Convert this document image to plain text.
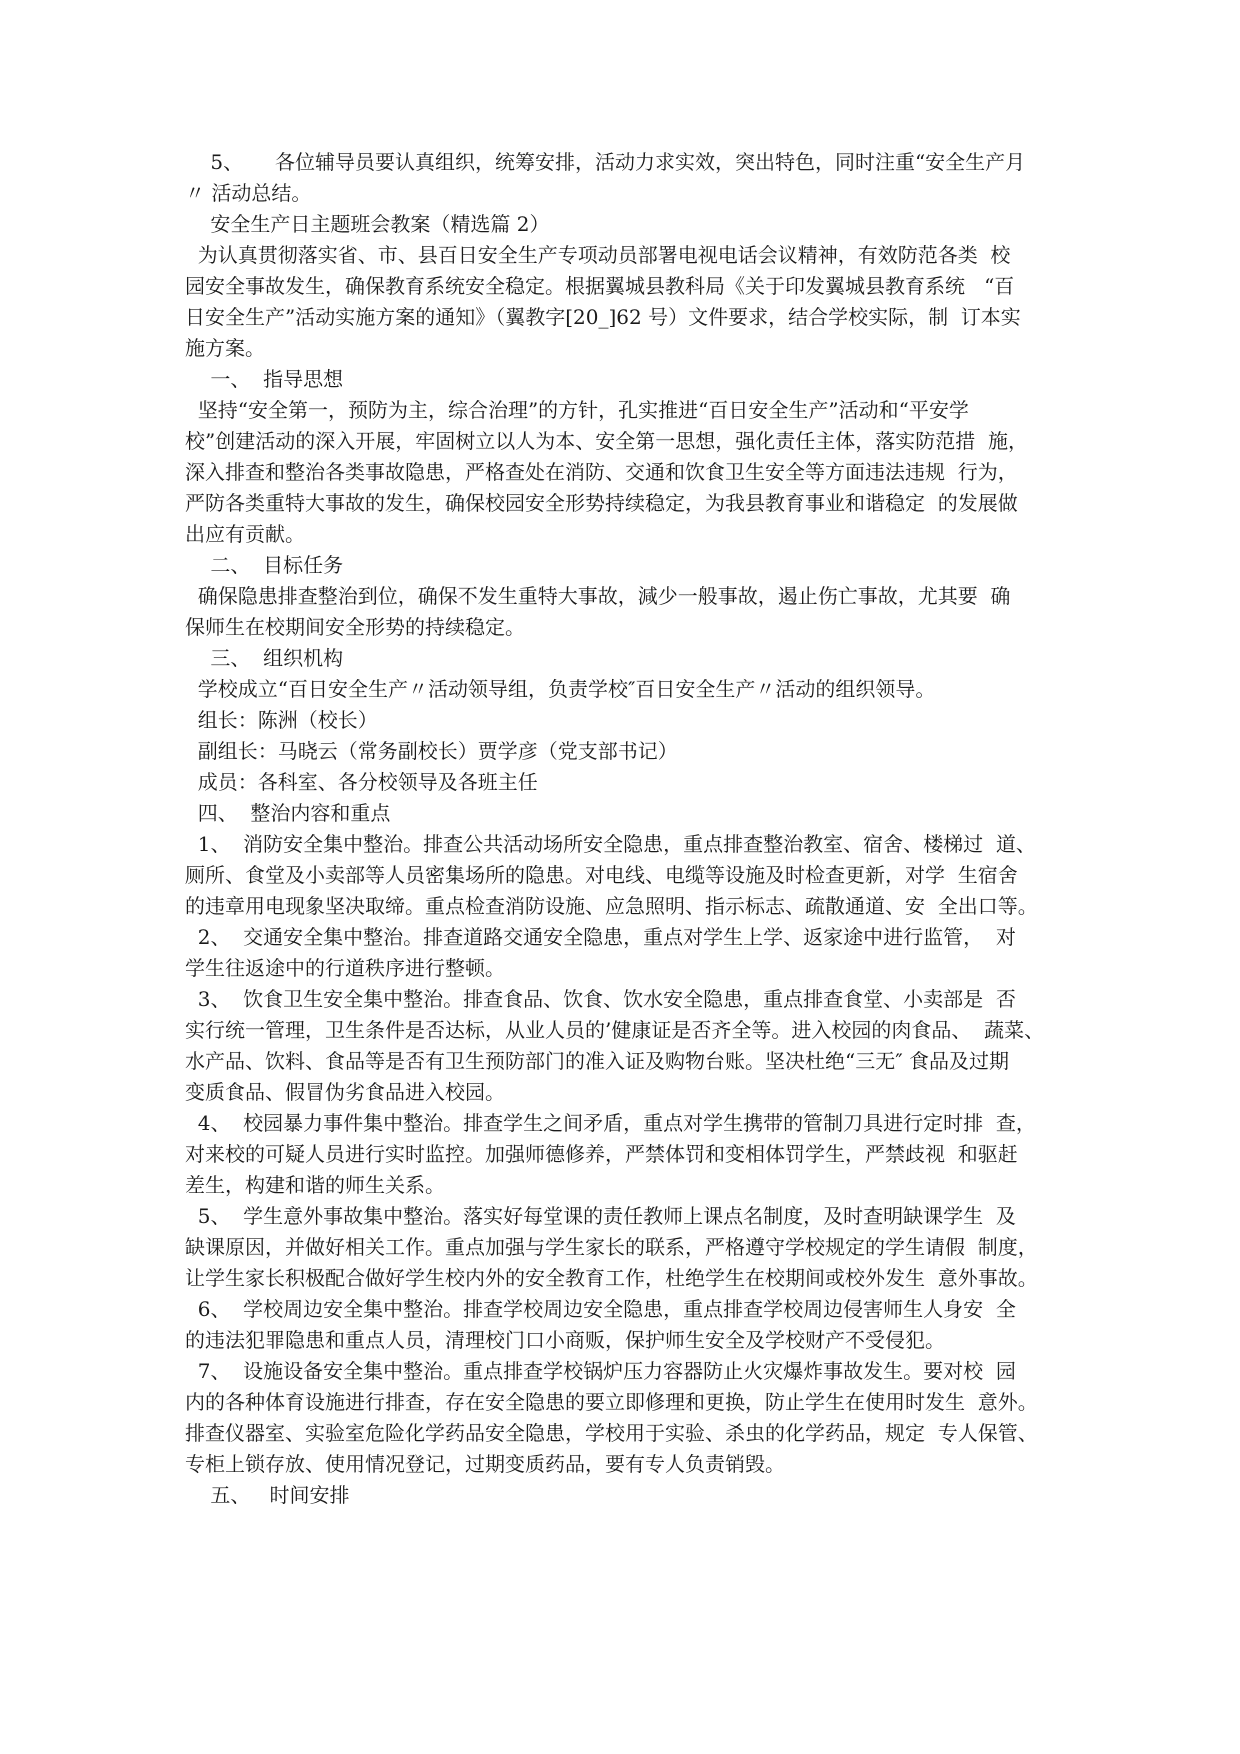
5、     各位辅导员要认真组织，统筹安排，活动力求实效，突出特色，同时注重“安全生产月
〃 活动总结。
安全生产日主题班会教案（精选篇 2）
为认真贯彻落实省、市、县百日安全生产专项动员部署电视电话会议精神，有效防范各类  校
园安全事故发生，确保教育系统安全稳定。根据翼城县教科局《关于印发翼城县教育系统   “百
日安全生产”活动实施方案的通知》（翼教字[20_]62 号）文件要求，结合学校实际，制  订本实
施方案。
一、  指导思想
坚持“安全第一，预防为主，综合治理”的方针，孔实推进“百日安全生产”活动和“平安学
校”创建活动的深入开展，牢固树立以人为本、安全第一思想，强化责任主体，落实防范措  施，
深入排查和整治各类事故隐患，严格查处在消防、交通和饮食卫生安全等方面违法违规  行为，
严防各类重特大事故的发生，确保校园安全形势持续稳定，为我县教育事业和谐稳定  的发展做
出应有贡献。
二、  目标任务
确保隐患排查整治到位，确保不发生重特大事故，減少一般事故，遏止伤亡事故，尤其要  确
保师生在校期间安全形势的持续稳定。
三、  组织机构
学校成立“百日安全生产〃活动领导组，负责学校″百日安全生产〃活动的组织领导。
组长：陈洲（校长）
副组长：马晓云（常务副校长）贾学彦（党支部书记）
成员：各科室、各分校领导及各班主任
四、  整治内容和重点
1、  消防安全集中整治。排查公共活动场所安全隐患，重点排查整治教室、宿舍、楼梯过  道、
厕所、食堂及小卖部等人员密集场所的隐患。对电线、电缆等设施及时检查更新，对学  生宿舍
的违章用电现象坚决取缔。重点检查消防设施、应急照明、指示标志、疏散通道、安  全出口等。
2、  交通安全集中整治。排查道路交通安全隐患，重点对学生上学、返家途中进行监管，  对
学生往返途中的行道秩序进行整顿。
3、  饮食卫生安全集中整治。排查食品、饮食、饮水安全隐患，重点排查食堂、小卖部是  否
实行统一管理，卫生条件是否达标，从业人员的’健康证是否齐全等。进入校园的肉食品、  蔬菜、
水产品、饮料、食品等是否有卫生预防部门的准入证及购物台账。坚决杜绝“三无″ 食品及过期
变质食品、假冒伪劣食品进入校园。
4、  校园暴力事件集中整治。排查学生之间矛盾，重点对学生携带的管制刀具进行定时排  查，
对来校的可疑人员进行实时监控。加强师德修养，严禁体罚和变相体罚学生，严禁歧视  和驱赶
差生，构建和谐的师生关系。
5、  学生意外事故集中整治。落实好每堂课的责任教师上课点名制度，及时查明缺课学生  及
缺课原因，并做好相关工作。重点加强与学生家长的联系，严格遵守学校规定的学生请假  制度，
让学生家长积极配合做好学生校内外的安全教育工作，杜绝学生在校期间或校外发生  意外事故。
6、  学校周边安全集中整治。排查学校周边安全隐患，重点排查学校周边侵害师生人身安  全
的违法犯罪隐患和重点人员，清理校门口小商贩，保护师生安全及学校财产不受侵犯。
7、  设施设备安全集中整治。重点排查学校锅炉压力容器防止火灾爆炸事故发生。要对校  园
内的各种体育设施进行排查，存在安全隐患的要立即修理和更换，防止学生在使用时发生  意外。
排查仪器室、实验室危险化学药品安全隐患，学校用于实验、杀虫的化学药品，规定  专人保管、
专柜上锁存放、使用情况登记，过期变质药品，要有专人负责销毁。
五、   时间安排
